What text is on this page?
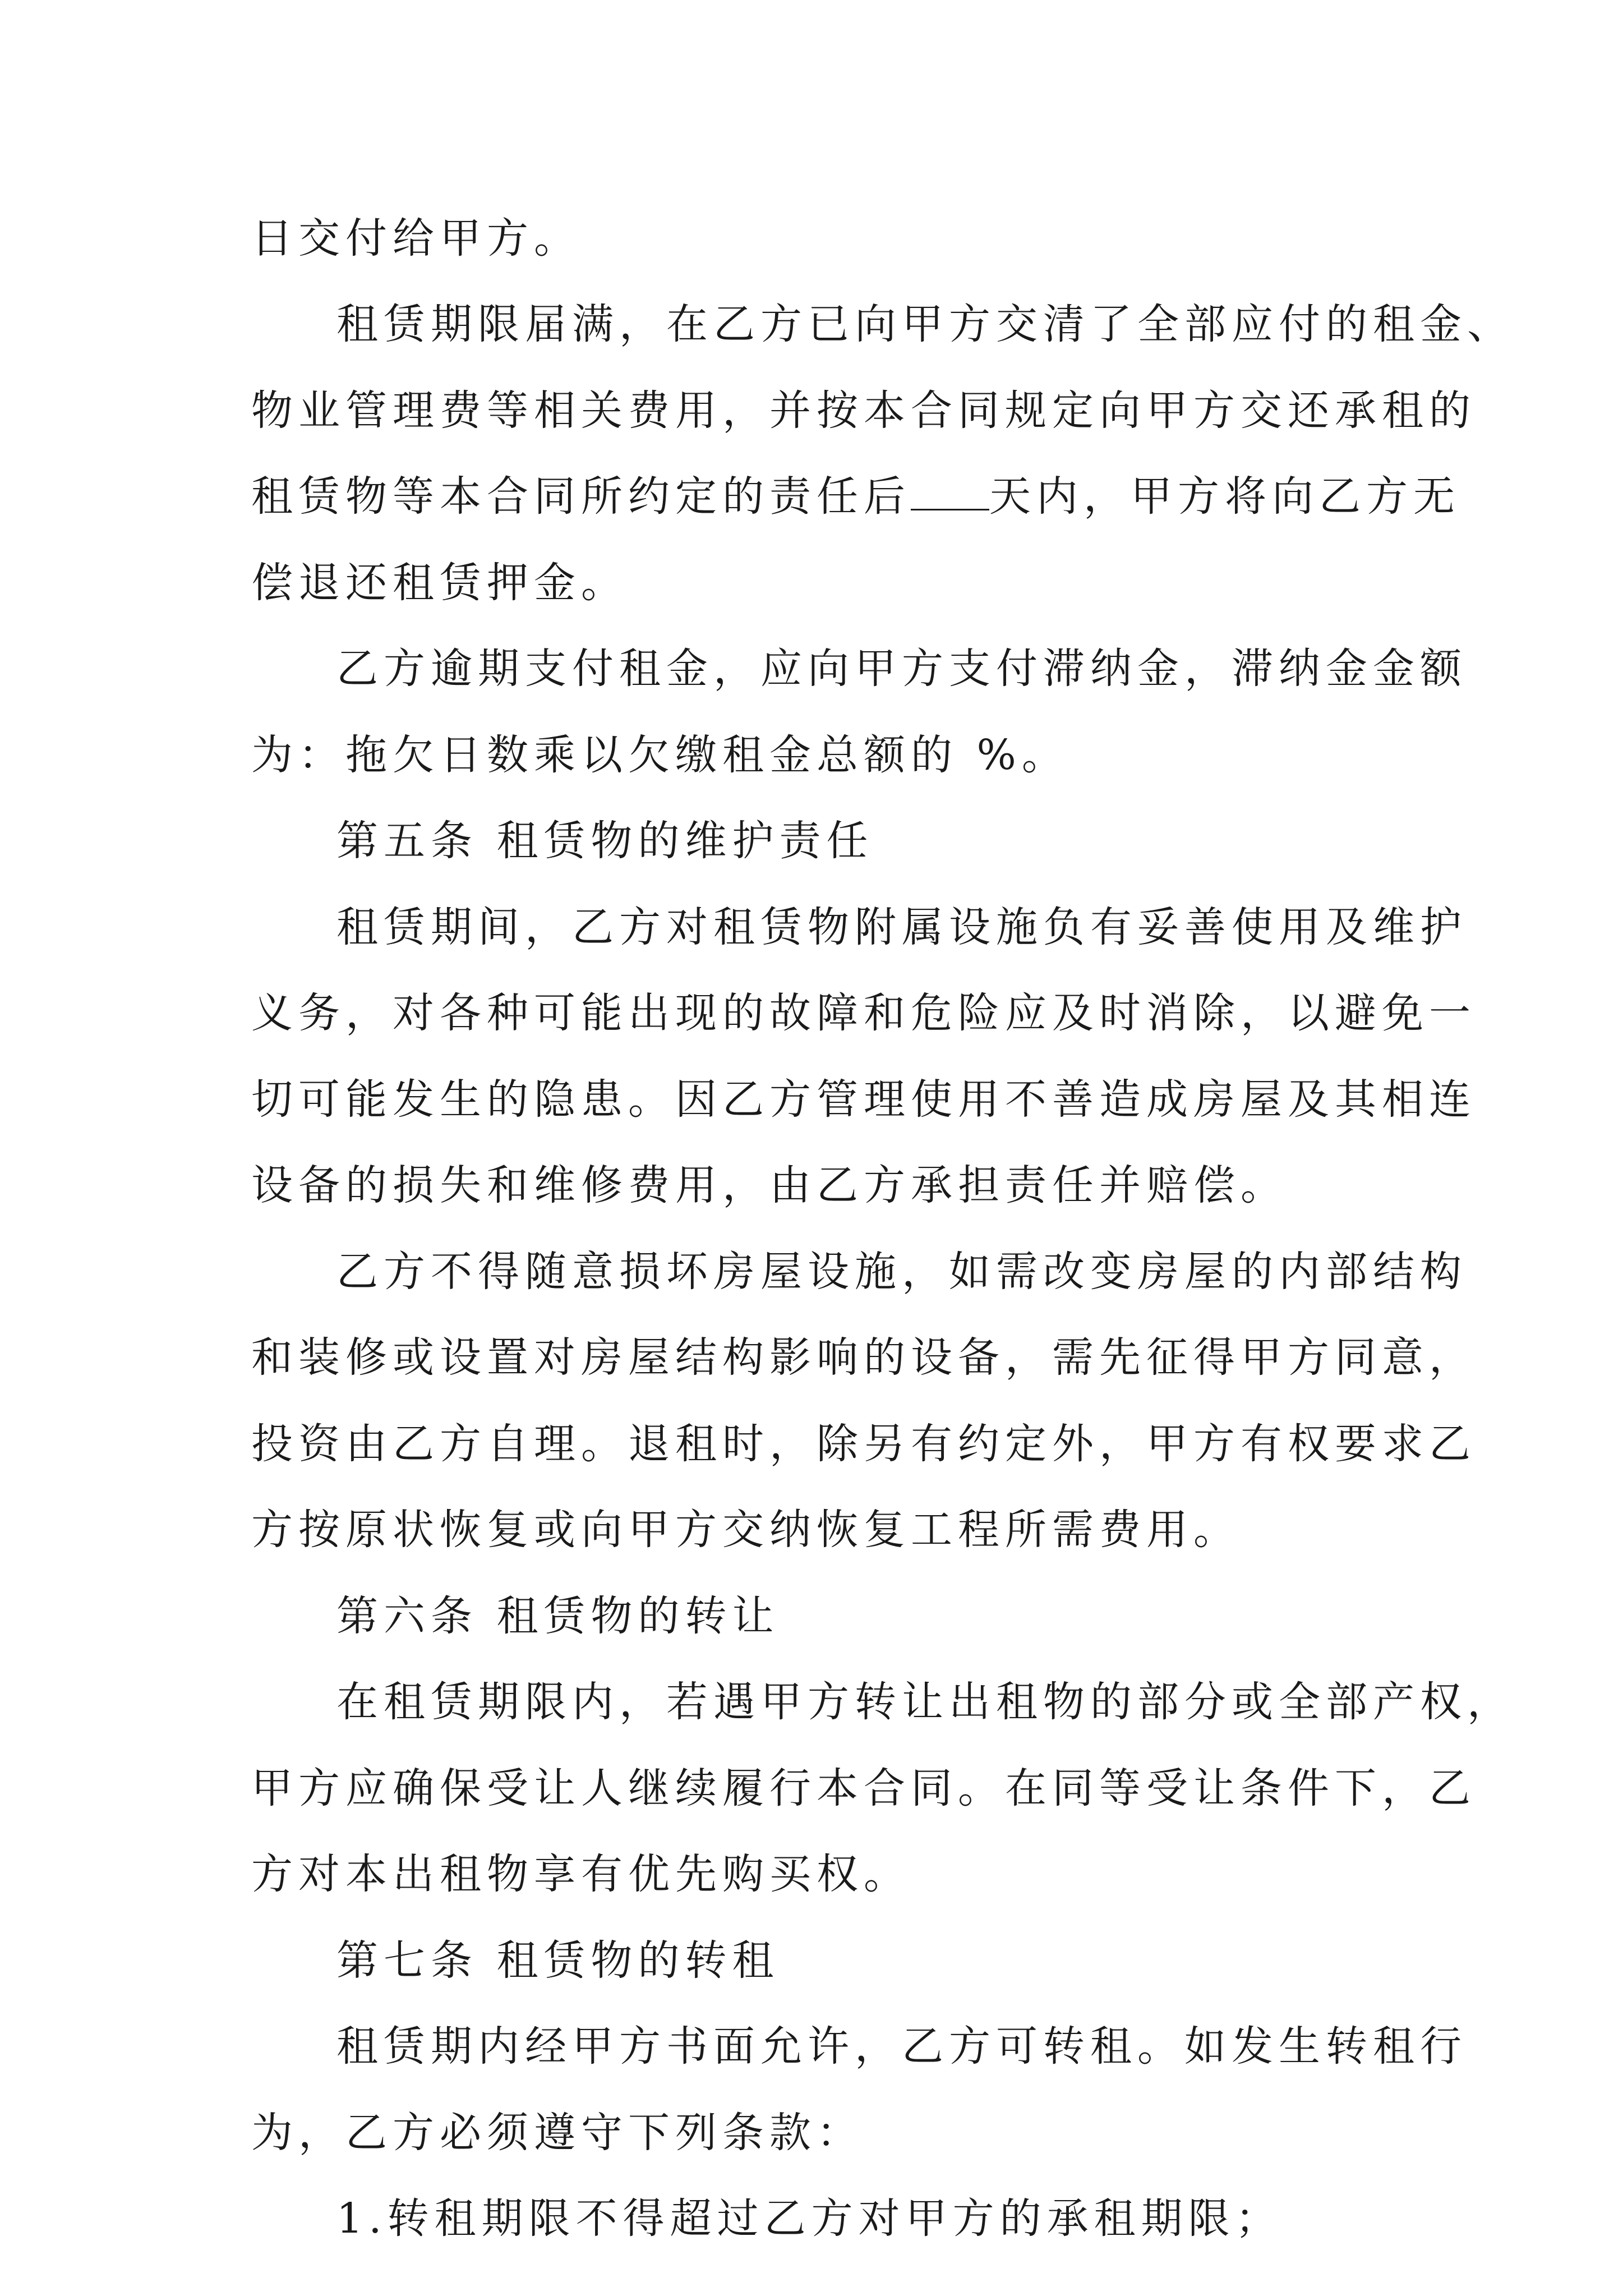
日交付给甲方。
租赁期限届满，在乙方已向甲方交清了全部应付的租金、
物业管理费等相关费用，并按本合同规定向甲方交还承租的
租赁物等本合同所约定的责任后 天内，甲方将向乙方无
偿退还租赁押金。
乙方逾期支付租金，应向甲方支付滞纳金，滞纳金金额
为：拖欠日数乘以欠缴租金总额的 %。
第五条 租赁物的维护责任
租赁期间，乙方对租赁物附属设施负有妥善使用及维护
义务，对各种可能出现的故障和危险应及时消除，以避免一
切可能发生的隐患。因乙方管理使用不善造成房屋及其相连
设备的损失和维修费用，由乙方承担责任并赔偿。
乙方不得随意损坏房屋设施，如需改变房屋的内部结构
和装修或设置对房屋结构影响的设备，需先征得甲方同意，
投资由乙方自理。退租时，除另有约定外，甲方有权要求乙
方按原状恢复或向甲方交纳恢复工程所需费用。
第六条 租赁物的转让
在租赁期限内，若遇甲方转让出租物的部分或全部产权，
甲方应确保受让人继续履行本合同。在同等受让条件下，乙
方对本出租物享有优先购买权。
第七条 租赁物的转租
租赁期内经甲方书面允许，乙方可转租。如发生转租行
为，乙方必须遵守下列条款：
1.转租期限不得超过乙方对甲方的承租期限；
